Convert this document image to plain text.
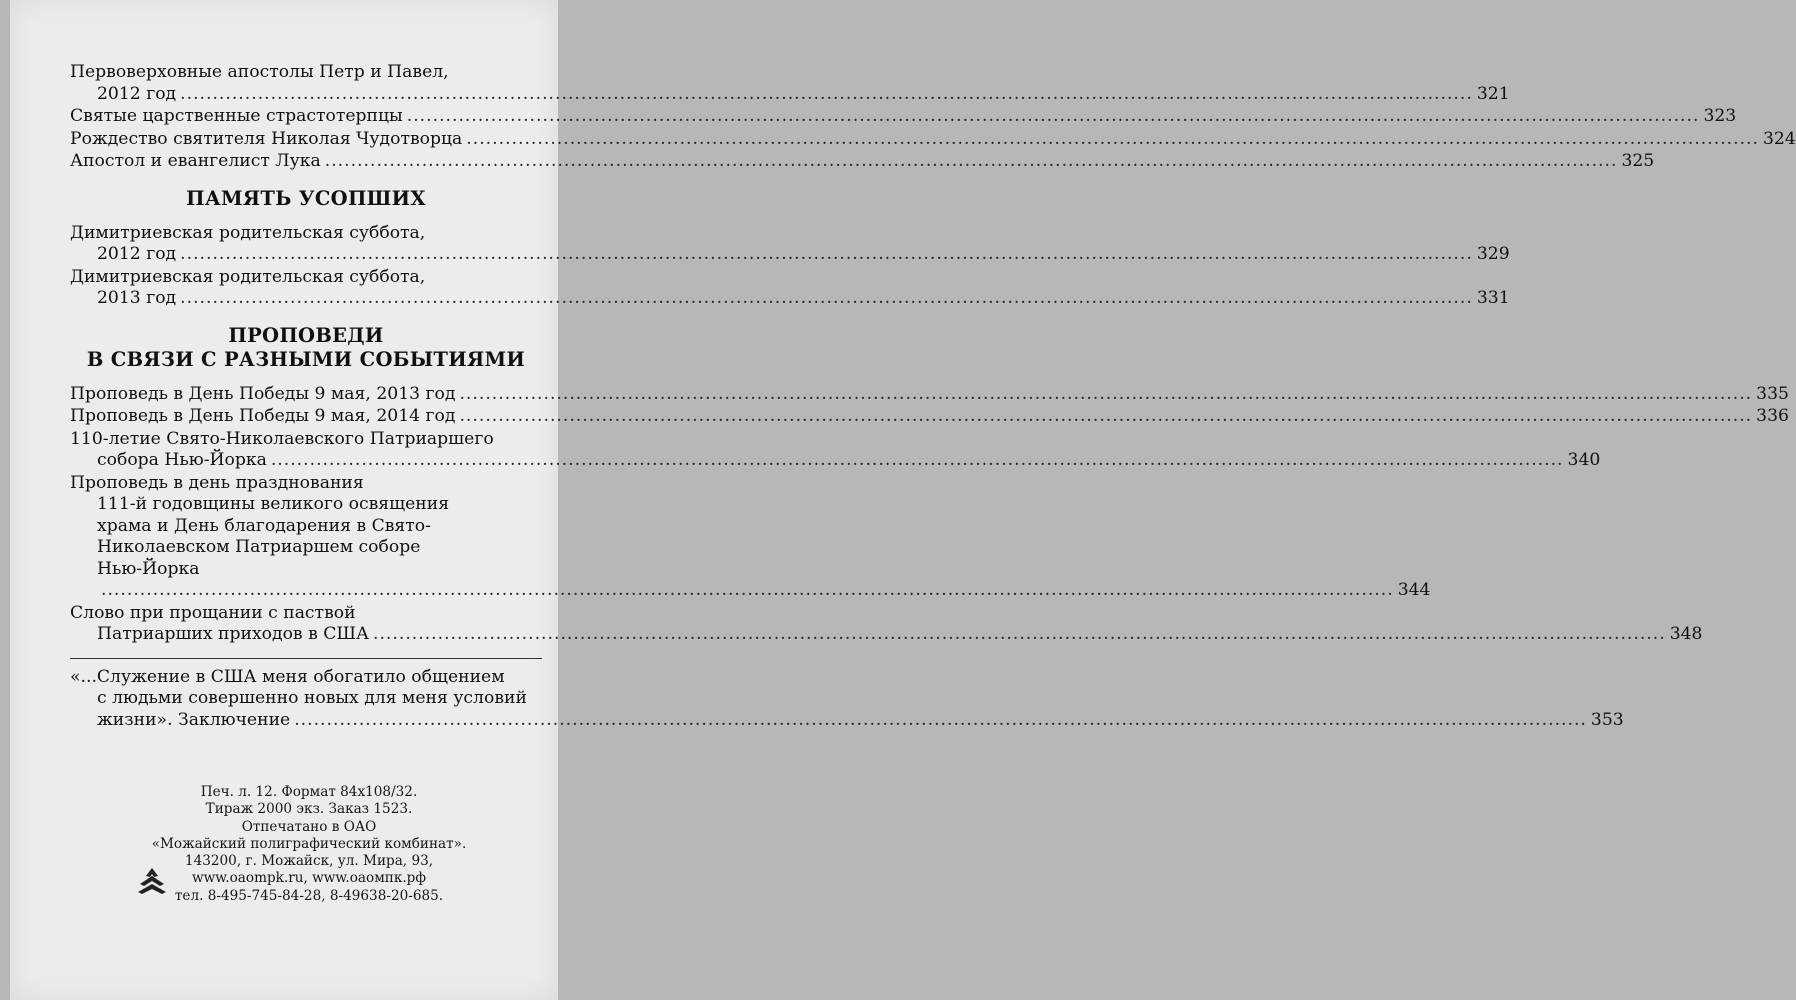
Первоверховные апостолы Петр и Павел,
2012 год ........................................................................................................................................................................................................ 321
Святые царственные страстотерпцы ........................................................................................................................................................................................................ 323
Рождество святителя Николая Чудотворца ........................................................................................................................................................................................................ 324
Апостол и евангелист Лука ........................................................................................................................................................................................................ 325
ПАМЯТЬ УСОПШИХ
Димитриевская родительская суббота,
2012 год ........................................................................................................................................................................................................ 329
Димитриевская родительская суббота,
2013 год ........................................................................................................................................................................................................ 331
ПРОПОВЕДИ
В СВЯЗИ С РАЗНЫМИ СОБЫТИЯМИ
Проповедь в День Победы 9 мая, 2013 год ........................................................................................................................................................................................................ 335
Проповедь в День Победы 9 мая, 2014 год ........................................................................................................................................................................................................ 336
110-летие Свято-Николаевского Патриаршего
собора Нью-Йорка ........................................................................................................................................................................................................ 340
Проповедь в день празднования
111-й годовщины великого освящения
храма и День благодарения в Свято-
Николаевском Патриаршем соборе
Нью-Йорка
........................................................................................................................................................................................................ 344
Слово при прощании с паствой
Патриарших приходов в США ........................................................................................................................................................................................................ 348
«...Служение в США меня обогатило общением
с людьми совершенно новых для меня условий
жизни». Заключение ........................................................................................................................................................................................................ 353
Печ. л. 12. Формат 84x108/32.
Тираж 2000 экз. Заказ 1523.
Отпечатано в ОАО
«Можайский полиграфический комбинат».
143200, г. Можайск, ул. Мира, 93,
www.oaompk.ru, www.оаомпк.рф
тел. 8-495-745-84-28, 8-49638-20-685.
